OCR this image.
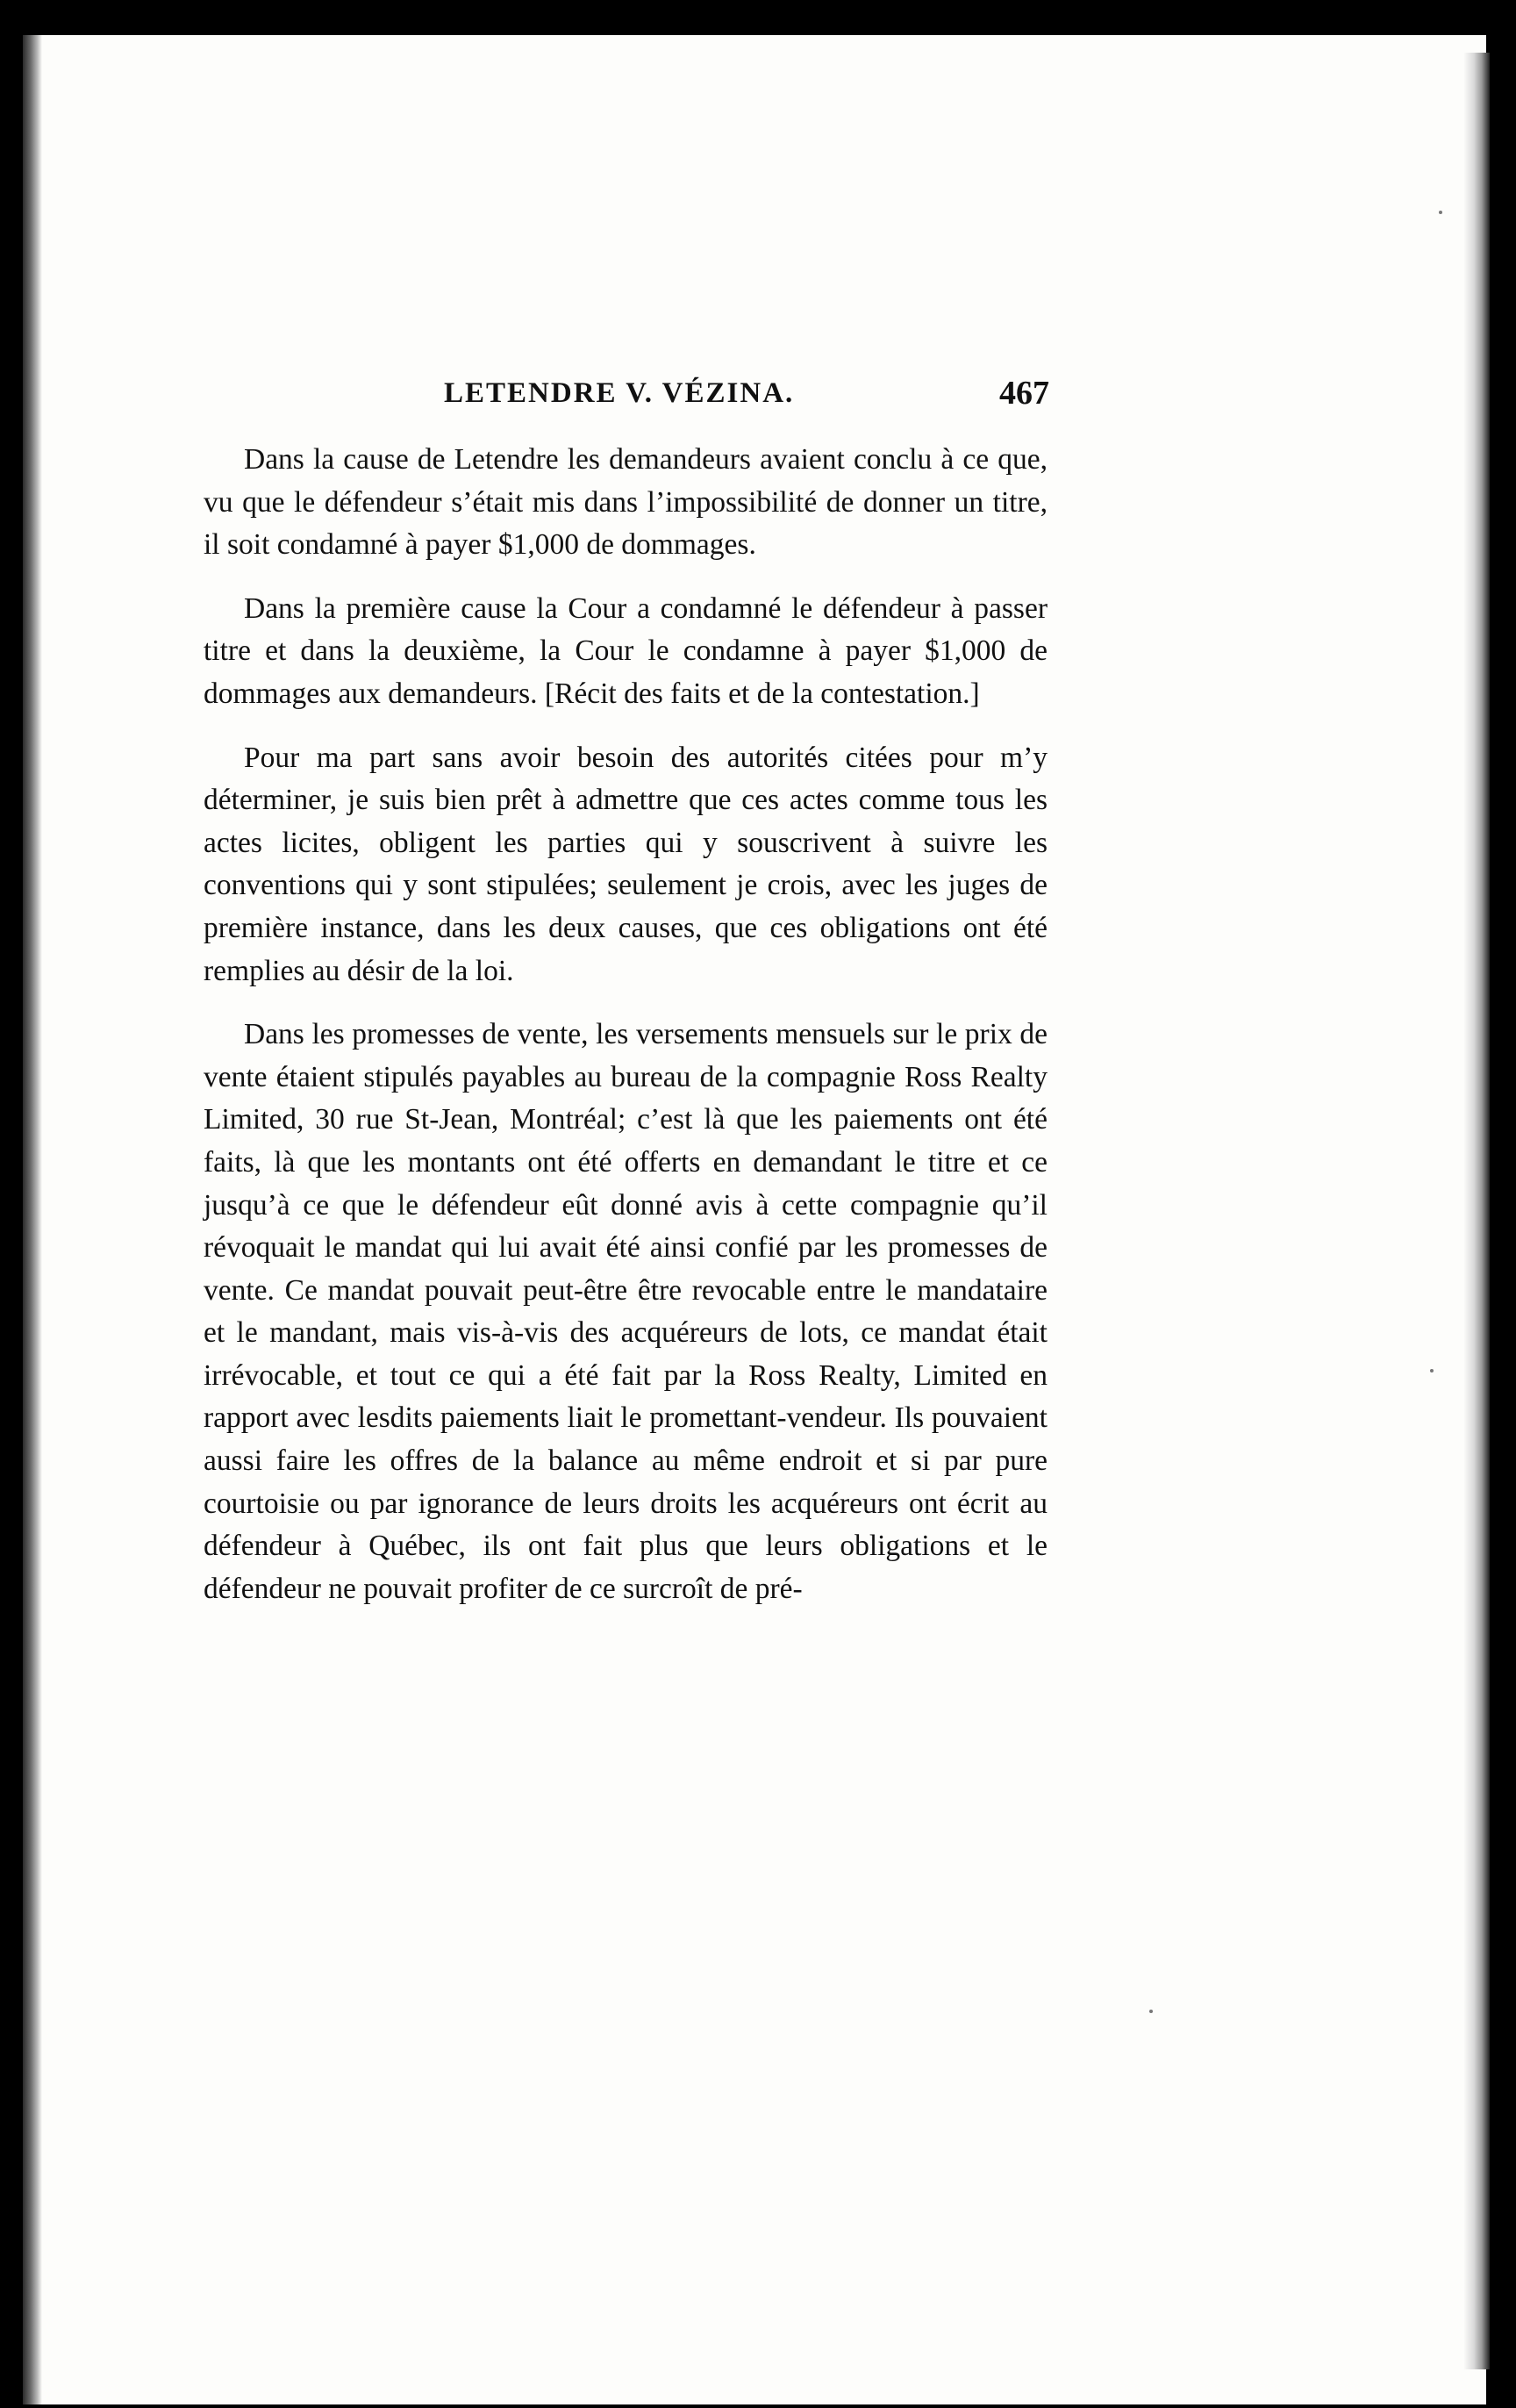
LETENDRE V. VÉZINA.	467

Dans la cause de Letendre les demandeurs avaient conclu à ce que, vu que le défendeur s’était mis dans l’impossibilité de donner un titre, il soit condamné à payer $1,000 de dommages.

Dans la première cause la Cour a condamné le défendeur à passer titre et dans la deuxième, la Cour le condamne à payer $1,000 de dommages aux demandeurs. [Récit des faits et de la contestation.]

Pour ma part sans avoir besoin des autorités citées pour m’y déterminer, je suis bien prêt à admettre que ces actes comme tous les actes licites, obligent les parties qui y souscrivent à suivre les conventions qui y sont stipulées; seulement je crois, avec les juges de première instance, dans les deux causes, que ces obligations ont été remplies au désir de la loi.

Dans les promesses de vente, les versements mensuels sur le prix de vente étaient stipulés payables au bureau de la compagnie Ross Realty Limited, 30 rue St-Jean, Montréal; c’est là que les paiements ont été faits, là que les montants ont été offerts en demandant le titre et ce jusqu’à ce que le défendeur eût donné avis à cette compagnie qu’il révoquait le mandat qui lui avait été ainsi confié par les promesses de vente. Ce mandat pouvait peut-être être revocable entre le mandataire et le mandant, mais vis-à-vis des acquéreurs de lots, ce mandat était irrévocable, et tout ce qui a été fait par la Ross Realty, Limited en rapport avec lesdits paiements liait le promettant-vendeur. Ils pouvaient aussi faire les offres de la balance au même endroit et si par pure courtoisie ou par ignorance de leurs droits les acquéreurs ont écrit au défendeur à Québec, ils ont fait plus que leurs obligations et le défendeur ne pouvait profiter de ce surcroît de pré-
